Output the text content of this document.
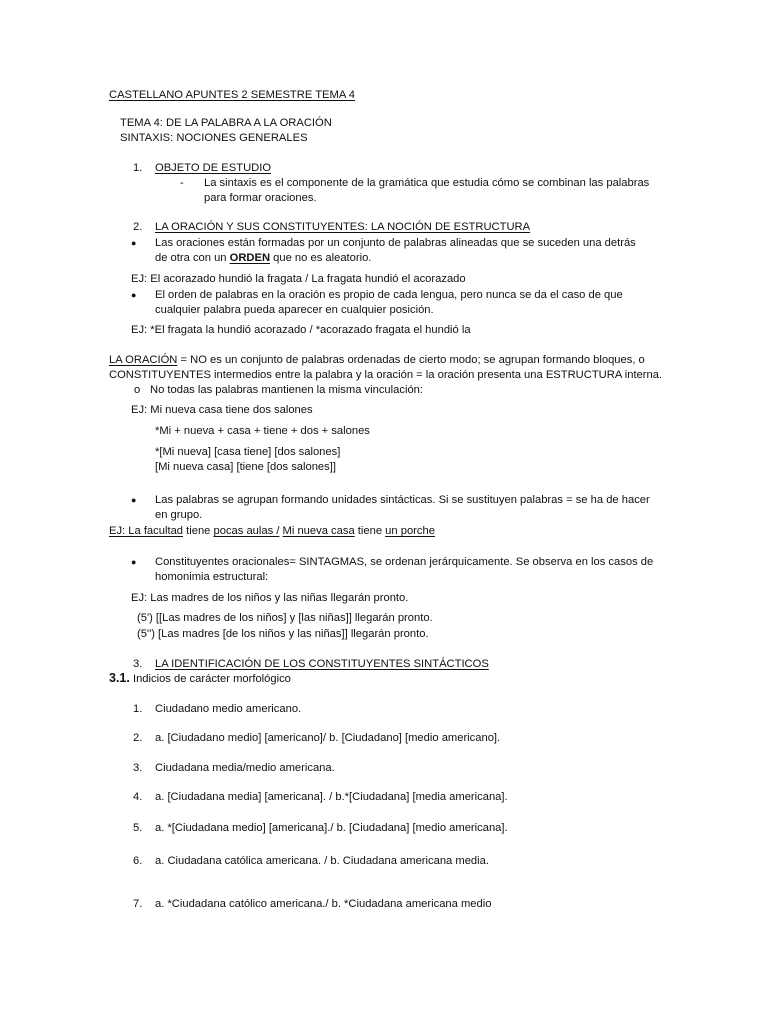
CASTELLANO APUNTES 2 SEMESTRE TEMA 4
TEMA 4: DE LA PALABRA A LA ORACIÓN
SINTAXIS: NOCIONES GENERALES
1. OBJETO DE ESTUDIO
- La sintaxis es el componente de la gramática que estudia cómo se combinan las palabras
para formar oraciones.
2. LA ORACIÓN Y SUS CONSTITUYENTES: LA NOCIÓN DE ESTRUCTURA
● Las oraciones están formadas por un conjunto de palabras alineadas que se suceden una detrás
de otra con un ORDEN que no es aleatorio.
EJ: El acorazado hundió la fragata / La fragata hundió el acorazado
● El orden de palabras en la oración es propio de cada lengua, pero nunca se da el caso de que
cualquier palabra pueda aparecer en cualquier posición.
EJ: *El fragata la hundió acorazado / *acorazado fragata el hundió la
LA ORACIÓN = NO es un conjunto de palabras ordenadas de cierto modo; se agrupan formando bloques, o
CONSTITUYENTES intermedios entre la palabra y la oración = la oración presenta una ESTRUCTURA interna.
o No todas las palabras mantienen la misma vinculación:
EJ: Mi nueva casa tiene dos salones
*Mi + nueva + casa + tiene + dos + salones
*[Mi nueva] [casa tiene] [dos salones]
[Mi nueva casa] [tiene [dos salones]]
● Las palabras se agrupan formando unidades sintácticas. Si se sustituyen palabras = se ha de hacer
en grupo.
EJ: La facultad tiene pocas aulas / Mi nueva casa tiene un porche
● Constituyentes oracionales= SINTAGMAS, se ordenan jerárquicamente. Se observa en los casos de
homonimia estructural:
EJ: Las madres de los niños y las niñas llegarán pronto.
(5') [[Las madres de los niños] y [las niñas]] llegarán pronto.
(5'') [Las madres [de los niños y las niñas]] llegarán pronto.
3. LA IDENTIFICACIÓN DE LOS CONSTITUYENTES SINTÁCTICOS
3.1. Indicios de carácter morfológico
1. Ciudadano medio americano.
2. a. [Ciudadano medio] [americano]/ b. [Ciudadano] [medio americano].
3. Ciudadana media/medio americana.
4. a. [Ciudadana media] [americana]. / b.*[Ciudadana] [media americana].
5. a. *[Ciudadana medio] [americana]./ b. [Ciudadana] [medio americana].
6. a. Ciudadana católica americana. / b. Ciudadana americana media.
7. a. *Ciudadana católico americana./ b. *Ciudadana americana medio
